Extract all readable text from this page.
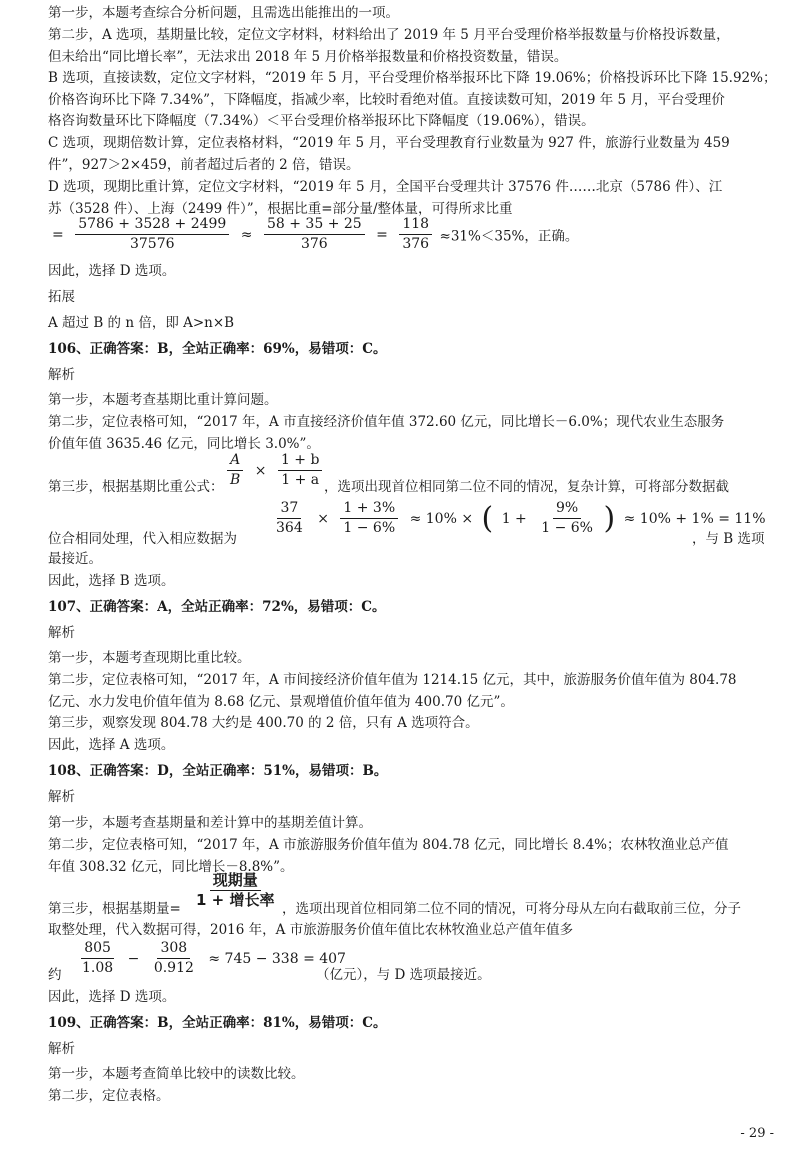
第一步，本题考查综合分析问题，且需选出能推出的一项。
第二步，A 选项，基期量比较，定位文字材料，材料给出了 2019 年 5 月平台受理价格举报数量与价格投诉数量，
但未给出“同比增长率”，无法求出 2018 年 5 月价格举报数量和价格投资数量，错误。
B 选项，直接读数，定位文字材料，“2019 年 5 月，平台受理价格举报环比下降 19.06%；价格投诉环比下降 15.92%；
价格咨询环比下降 7.34%”，下降幅度，指减少率，比较时看绝对值。直接读数可知，2019 年 5 月，平台受理价
格咨询数量环比下降幅度（7.34%）＜平台受理价格举报环比下降幅度（19.06%），错误。
C 选项，现期倍数计算，定位表格材料，“2019 年 5 月，平台受理教育行业数量为 927 件，旅游行业数量为 459
件”，927＞2×459，前者超过后者的 2 倍，错误。
D 选项，现期比重计算，定位文字材料，“2019 年 5 月，全国平台受理共计 37576 件……北京（5786 件）、江
苏（3528 件）、上海（2499 件）”，根据比重=部分量/整体量，可得所求比重
= $\frac{5786 + 3528 + 2499}{37576} \approx \frac{58 + 35 + 25}{376} = \frac{118}{376} \approx 31\%<35\%$，正确。
因此，选择 D 选项。
拓展
A 超过 B 的 n 倍，即 A>n×B
106、正确答案：B，全站正确率：69%，易错项：C。
解析
第一步，本题考查基期比重计算问题。
第二步，定位表格可知，“2017 年，A 市直接经济价值年值 372.60 亿元，同比增长－6.0%；现代农业生态服务
价值年值 3635.46 亿元，同比增长 3.0%”。
第三步，根据基期比重公式： $\frac{A}{B} \times \frac{1 + b}{1 + a}$ ，选项出现首位相同第二位不同的情况，复杂计算，可将部分数据截
位合相同处理，代入相应数据为
$\frac{37}{364} \times \frac{1 + 3\%}{1 - 6\%} \approx 10\%$ × ( $1 + \frac{9\%}{1 - 6\%}$ ) ≈ 10% + 1% = 11%
，与 B 选项
最接近。
因此，选择 B 选项。
107、正确答案：A，全站正确率：72%，易错项：C。
解析
第一步，本题考查现期比重比较。
第二步，定位表格可知，“2017 年，A 市间接经济价值年值为 1214.15 亿元，其中，旅游服务价值年值为 804.78
亿元、水力发电价值年值为 8.68 亿元、景观增值价值年值为 400.70 亿元”。
第三步，观察发现 804.78 大约是 400.70 的 2 倍，只有 A 选项符合。
因此，选择 A 选项。
108、正确答案：D，全站正确率：51%，易错项：B。
解析
第一步，本题考查基期量和差计算中的基期差值计算。
第二步，定位表格可知，“2017 年，A 市旅游服务价值年值为 804.78 亿元，同比增长 8.4%；农林牧渔业总产值
年值 308.32 亿元，同比增长－8.8%”。
第三步，根据基期量= $\frac{\text{现期量}}{\text{1 + 增长率}}$ ，选项出现首位相同第二位不同的情况，可将分母从左向右截取前三位，分子
取整处理，代入数据可得，2016 年，A 市旅游服务价值年值比农林牧渔业总产值年值多
约 $\frac{805}{1.08} - \frac{308}{0.912} \approx 745 - 338 = 407$
（亿元），与 D 选项最接近。
因此，选择 D 选项。
109、正确答案：B，全站正确率：81%，易错项：C。
解析
第一步，本题考查简单比较中的读数比较。
第二步，定位表格。
- 29 -
